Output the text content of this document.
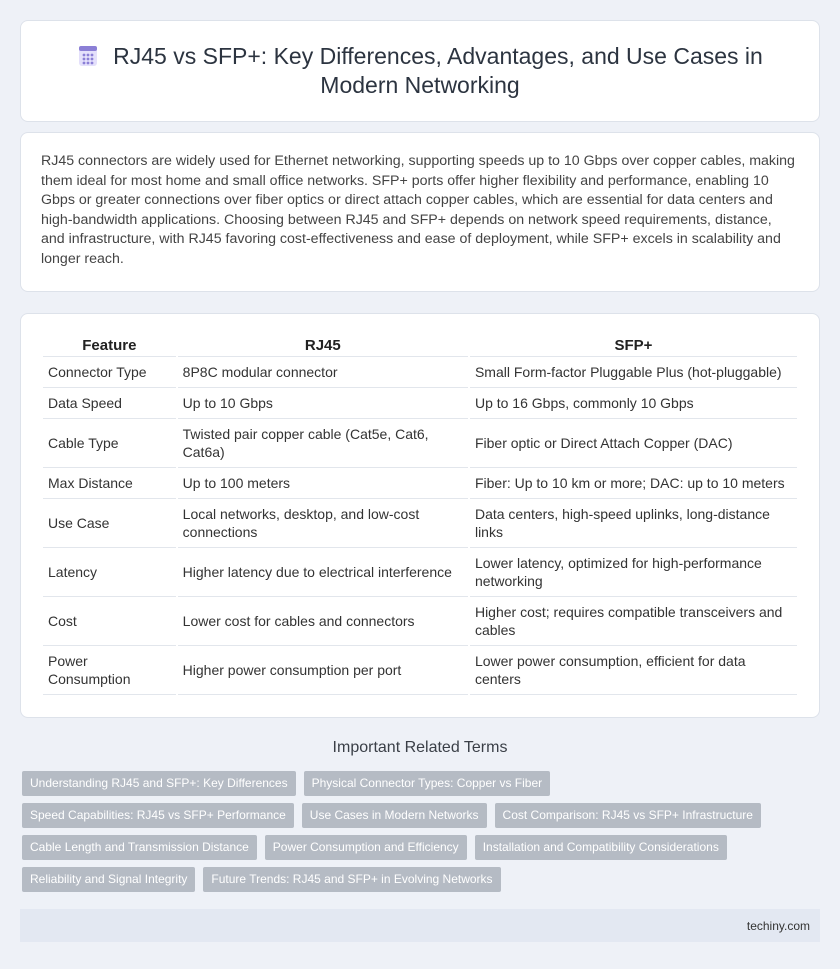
RJ45 vs SFP+: Key Differences, Advantages, and Use Cases in Modern Networking

RJ45 connectors are widely used for Ethernet networking, supporting speeds up to 10 Gbps over copper cables, making them ideal for most home and small office networks. SFP+ ports offer higher flexibility and performance, enabling 10 Gbps or greater connections over fiber optics or direct attach copper cables, which are essential for data centers and high-bandwidth applications. Choosing between RJ45 and SFP+ depends on network speed requirements, distance, and infrastructure, with RJ45 favoring cost-effectiveness and ease of deployment, while SFP+ excels in scalability and longer reach.

Feature	RJ45	SFP+
Connector Type	8P8C modular connector	Small Form-factor Pluggable Plus (hot-pluggable)
Data Speed	Up to 10 Gbps	Up to 16 Gbps, commonly 10 Gbps
Cable Type	Twisted pair copper cable (Cat5e, Cat6, Cat6a)	Fiber optic or Direct Attach Copper (DAC)
Max Distance	Up to 100 meters	Fiber: Up to 10 km or more; DAC: up to 10 meters
Use Case	Local networks, desktop, and low-cost connections	Data centers, high-speed uplinks, long-distance links
Latency	Higher latency due to electrical interference	Lower latency, optimized for high-performance networking
Cost	Lower cost for cables and connectors	Higher cost; requires compatible transceivers and cables
Power Consumption	Higher power consumption per port	Lower power consumption, efficient for data centers
Important Related Terms
Understanding RJ45 and SFP+: Key Differences	Physical Connector Types: Copper vs Fiber
Speed Capabilities: RJ45 vs SFP+ Performance	Use Cases in Modern Networks	Cost Comparison: RJ45 vs SFP+ Infrastructure
Cable Length and Transmission Distance	Power Consumption and Efficiency	Installation and Compatibility Considerations
Reliability and Signal Integrity	Future Trends: RJ45 and SFP+ in Evolving Networks
techiny.com
